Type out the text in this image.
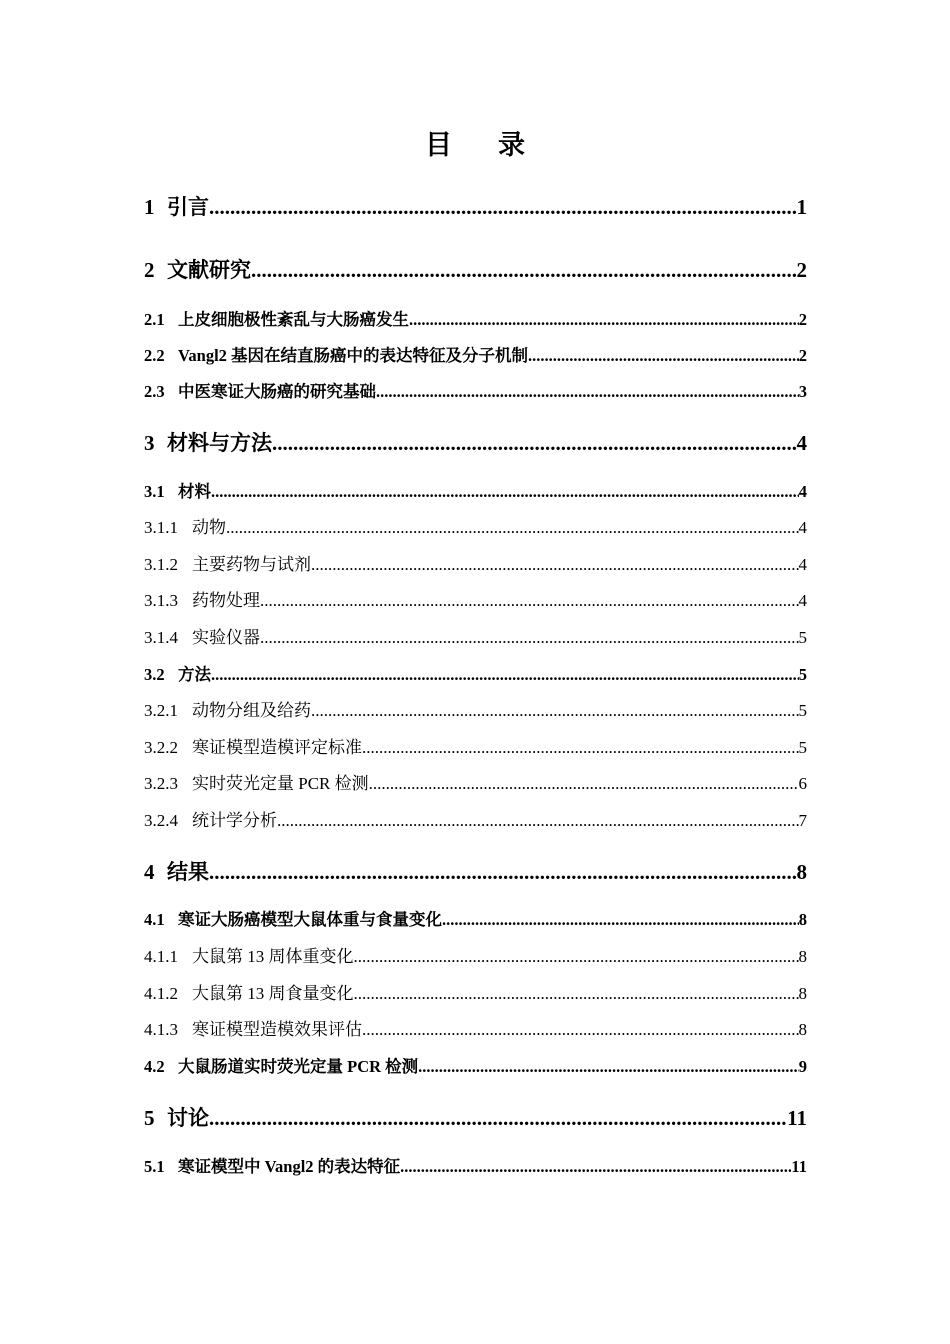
目 录
1 引言 .....	1
2 文献研究 .....	2
2.1 上皮细胞极性紊乱与大肠癌发生 .....	2
2.2 Vangl2 基因在结直肠癌中的表达特征及分子机制 .....	2
2.3 中医寒证大肠癌的研究基础 .....	3
3 材料与方法 .....	4
3.1 材料 .....	4
3.1.1 动物 .....	4
3.1.2 主要药物与试剂 .....	4
3.1.3 药物处理 .....	4
3.1.4 实验仪器 .....	5
3.2 方法 .....	5
3.2.1 动物分组及给药 .....	5
3.2.2 寒证模型造模评定标准 .....	5
3.2.3 实时荧光定量 PCR 检测 .....	6
3.2.4 统计学分析 .....	7
4 结果 .....	8
4.1 寒证大肠癌模型大鼠体重与食量变化 .....	8
4.1.1 大鼠第 13 周体重变化 .....	8
4.1.2 大鼠第 13 周食量变化 .....	8
4.1.3 寒证模型造模效果评估 .....	8
4.2 大鼠肠道实时荧光定量 PCR 检测 .....	9
5 讨论 .....	11
5.1 寒证模型中 Vangl2 的表达特征 .....	11
